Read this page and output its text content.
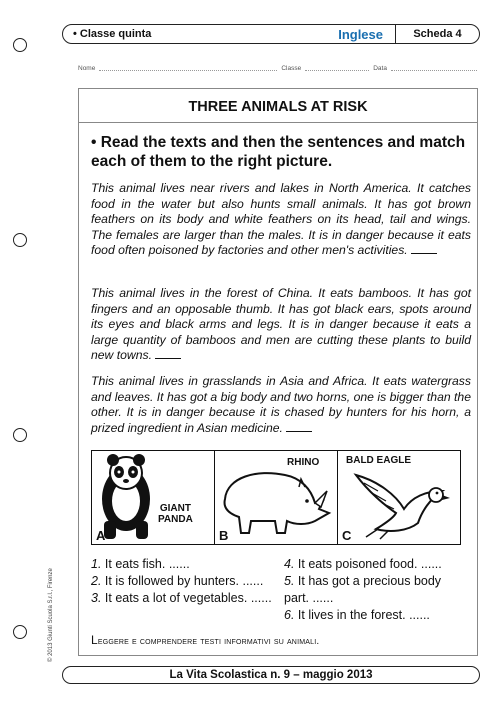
• Classe quinta	Inglese	Scheda 4
Nome	Classe	Data
THREE ANIMALS AT RISK
• Read the texts and then the sentences and match each of them to the right picture.
This animal lives near rivers and lakes in North America. It catches food in the water but also hunts small animals. It has got brown feathers on its body and white feathers on its head, tail and wings. The females are larger than the males. It is in danger because it eats food often poisoned by factories and other men's activities.
This animal lives in the forest of China. It eats bamboos. It has got fingers and an opposable thumb. It has got black ears, spots around its eyes and black arms and legs. It is in danger because it eats a large quantity of bamboos and men are cutting these plants to build new towns.
This animal lives in grasslands in Asia and Africa. It eats watergrass and leaves. It has got a big body and two horns, one is bigger than the other. It is in danger because it is chased by hunters for his horn, a prized ingredient in Asian medicine.
GIANT
PANDA
A
RHINO
B
BALD EAGLE
C
1. It eats fish. ......
2. It is followed by hunters. ......
3. It eats a lot of vegetables. ......
4. It eats poisoned food. ......
5. It has got a precious body part. ......
6. It lives in the forest. ......
Leggere e comprendere testi informativi su animali.
© 2013 Giunti Scuola S.r.l., Firenze
La Vita Scolastica n. 9 – maggio 2013
